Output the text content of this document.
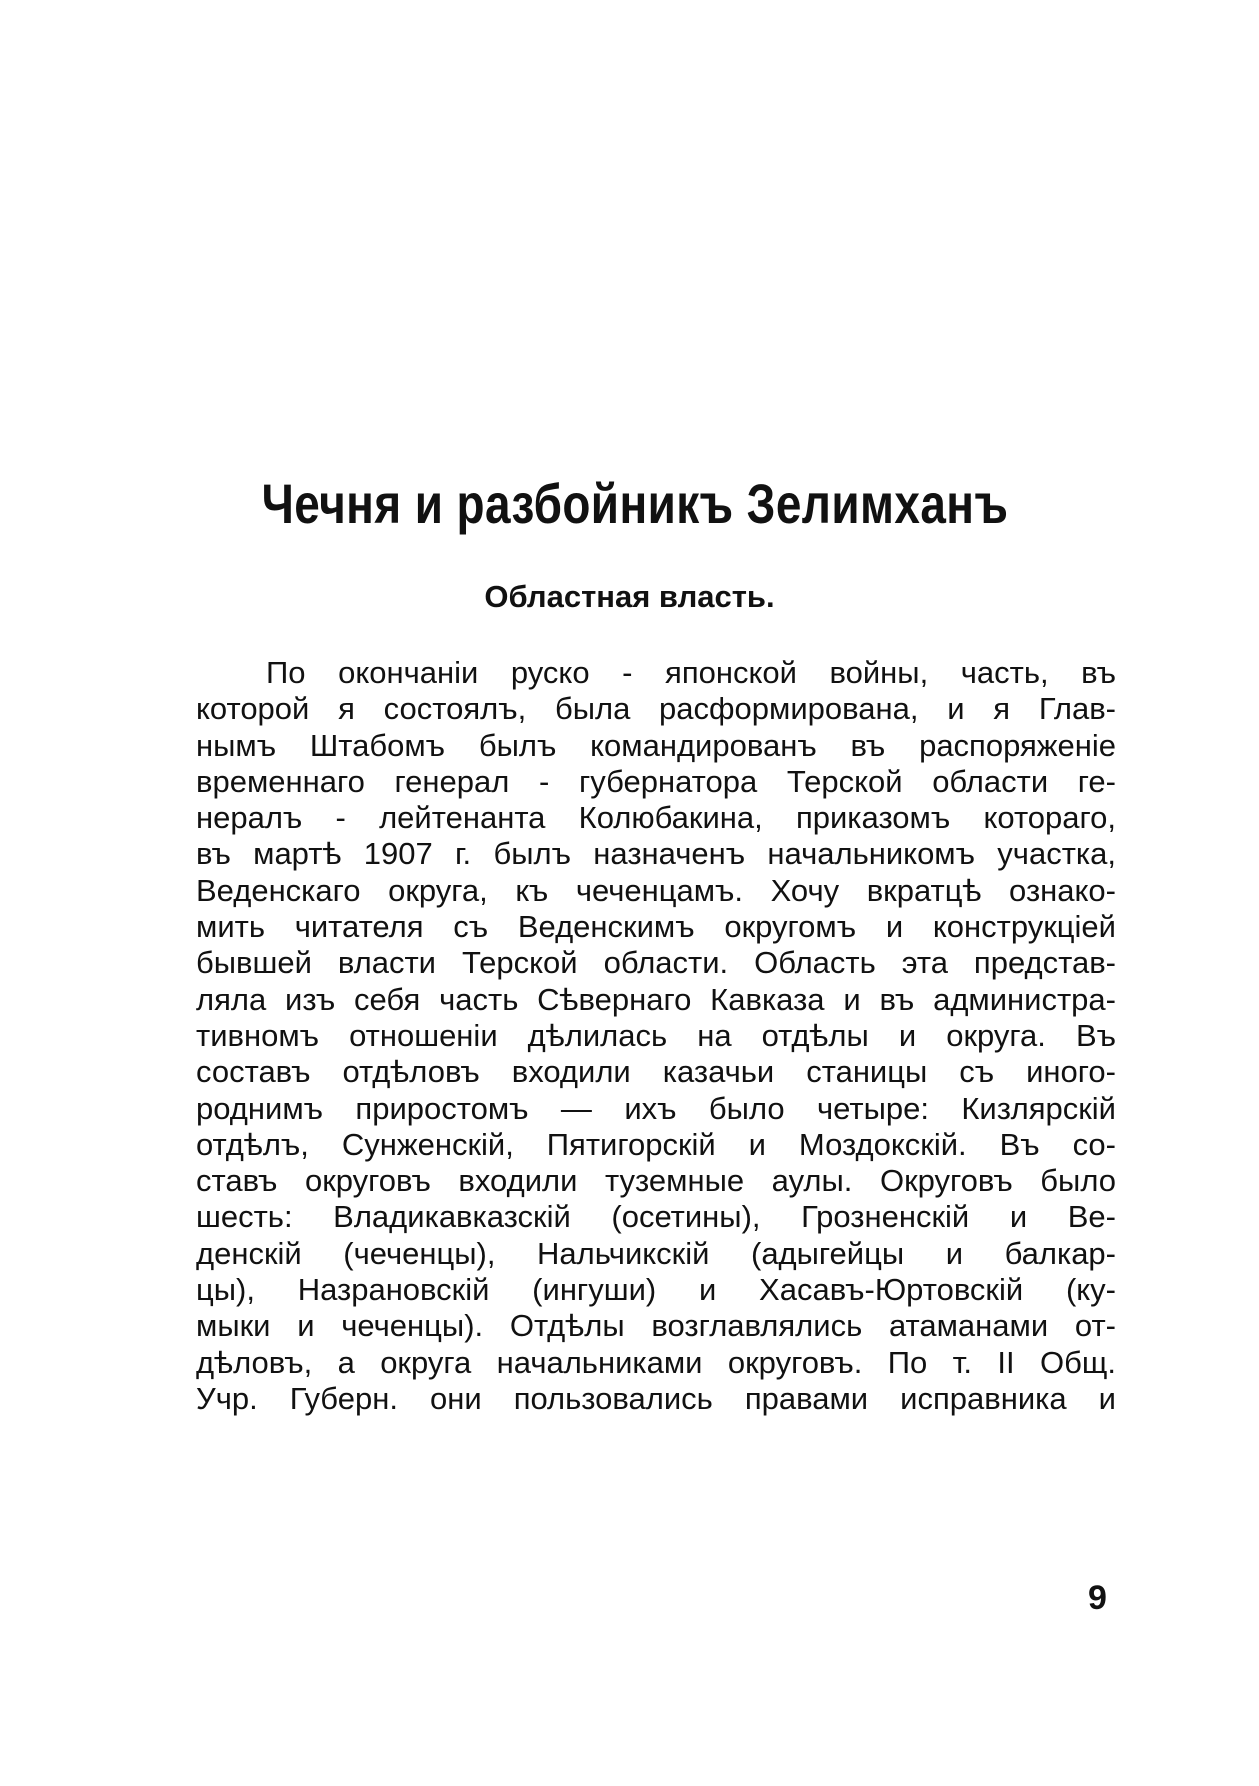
Чечня и разбойникъ Зелимханъ
Областная власть.
По окончанiи руско - японской войны, часть, въ
которой я состоялъ, была расформирована, и я Глав-
нымъ Штабомъ былъ командированъ въ распоряженiе
временнаго генерал - губернатора Терской области ге-
нералъ - лейтенанта Колюбакина, приказомъ котораго,
въ мартѣ 1907 г. былъ назначенъ начальникомъ участка,
Веденскаго округа, къ чеченцамъ. Хочу вкратцѣ ознако-
мить читателя съ Веденскимъ округомъ и конструкцiей
бывшей власти Терской области. Область эта представ-
ляла изъ себя часть Сѣвернаго Кавказа и въ администра-
тивномъ отношенiи дѣлилась на отдѣлы и округа. Въ
составъ отдѣловъ входили казачьи станицы съ иного-
роднимъ приростомъ — ихъ было четыре: Кизлярскiй
отдѣлъ, Сунженскiй, Пятигорскiй и Моздокскiй. Въ со-
ставъ округовъ входили туземные аулы. Округовъ было
шесть: Владикавказскiй (осетины), Грозненскiй и Ве-
денскiй (чеченцы), Нальчикскiй (адыгейцы и балкар-
цы), Назрановскiй (ингуши) и Хасавъ-Юртовскiй (ку-
мыки и чеченцы). Отдѣлы возглавлялись атаманами от-
дѣловъ, а округа начальниками округовъ. По т. II Общ.
Учр. Губерн. они пользовались правами исправника и
9
